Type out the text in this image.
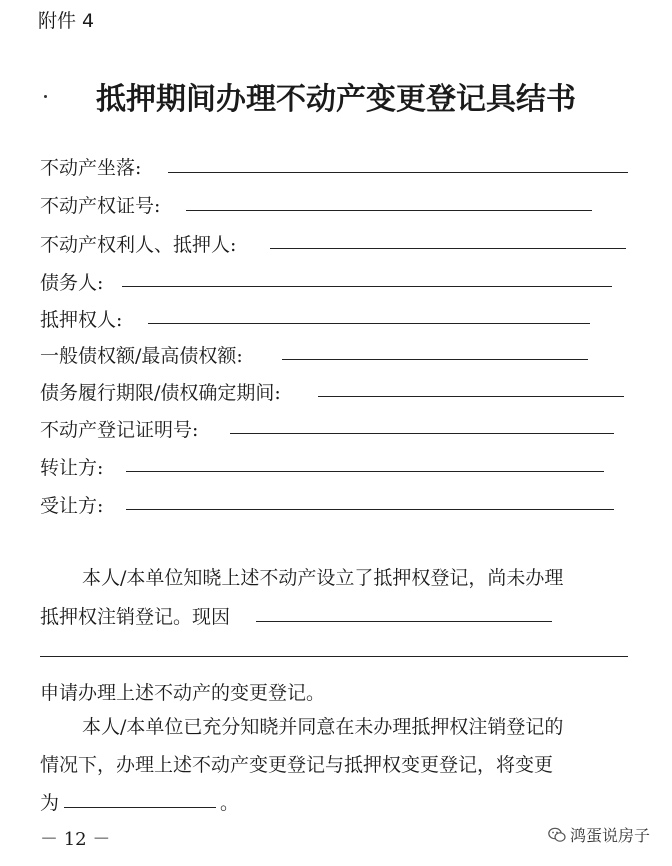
附件 4
抵押期间办理不动产变更登记具结书
不动产坐落:
不动产权证号:
不动产权利人、抵押人:
债务人:
抵押权人:
一般债权额/最高债权额:
债务履行期限/债权确定期间:
不动产登记证明号:
转让方:
受让方:
本人/本单位知晓上述不动产设立了抵押权登记，尚未办理
抵押权注销登记。现因
申请办理上述不动产的变更登记。
本人/本单位已充分知晓并同意在未办理抵押权注销登记的
情况下，办理上述不动产变更登记与抵押权变更登记，将变更
为	。
－ 12 －	鸿蛋说房子
